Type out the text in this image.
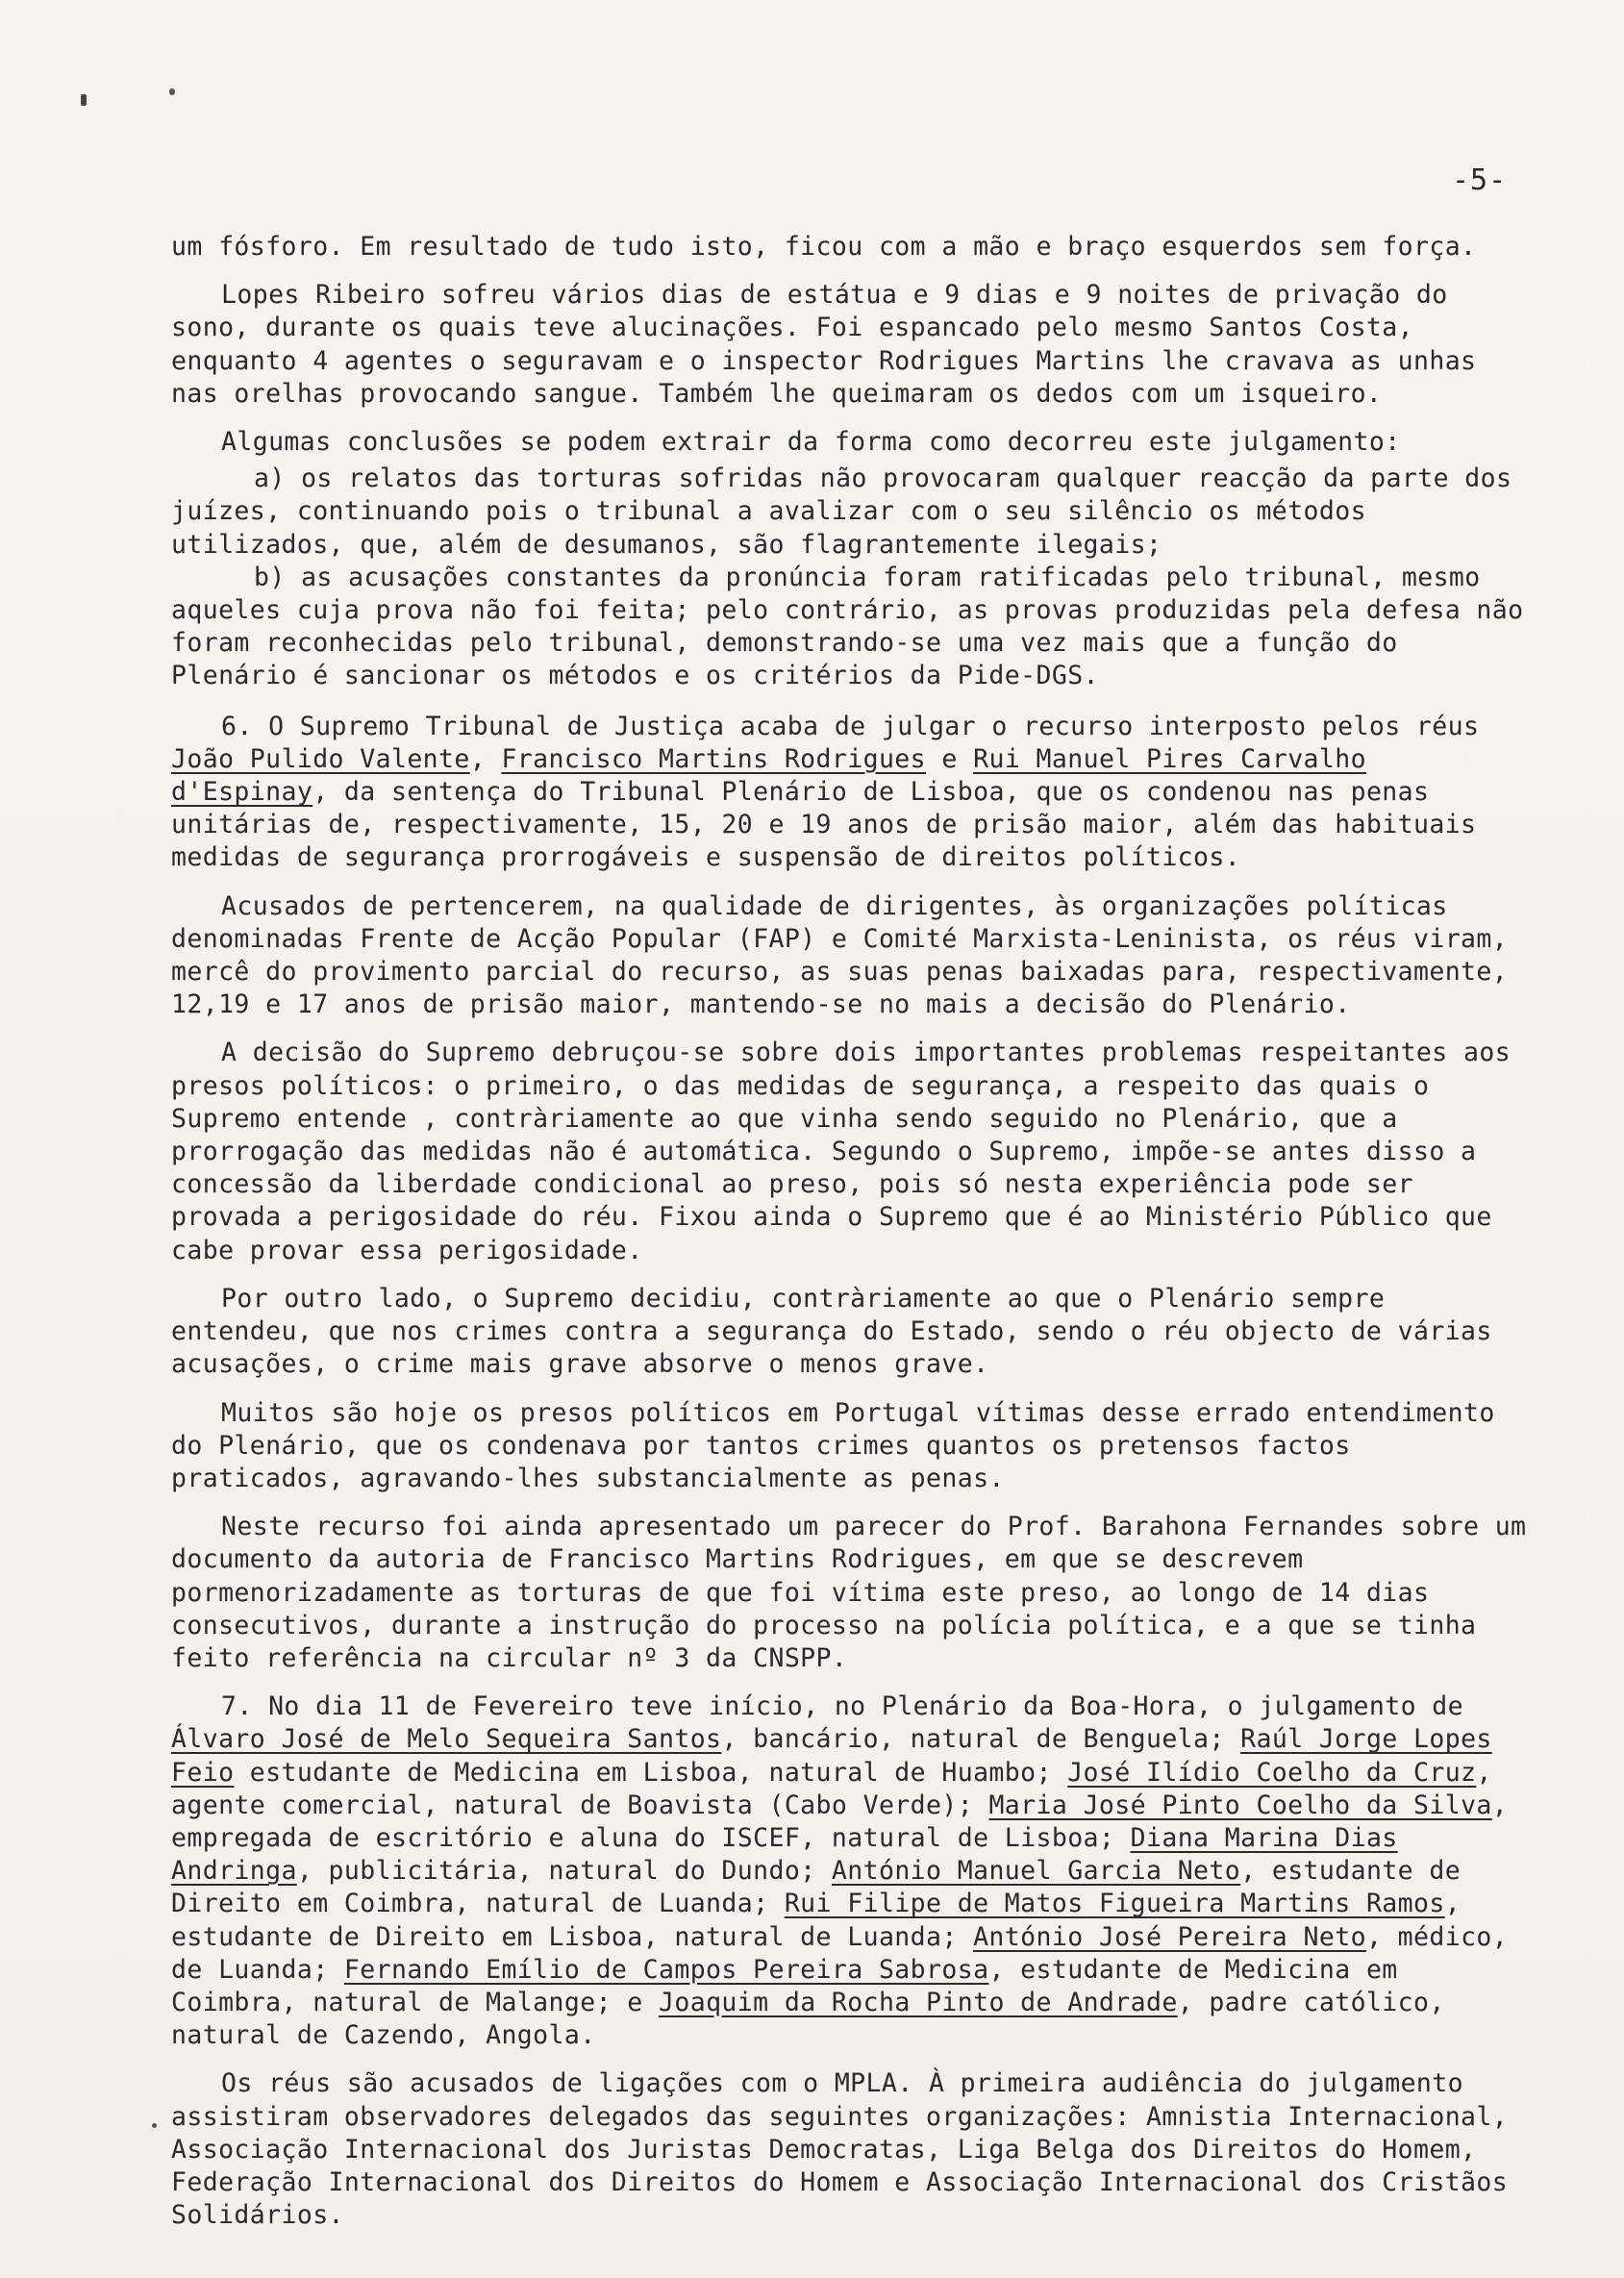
-5-

um fósforo. Em resultado de tudo isto, ficou com a mão e braço esquerdos sem força.

Lopes Ribeiro sofreu vários dias de estátua e 9 dias e 9 noites de privação do sono, durante os quais teve alucinações. Foi espancado pelo mesmo Santos Costa, enquanto 4 agentes o seguravam e o inspector Rodrigues Martins lhe cravava as unhas nas orelhas provocando sangue. Também lhe queimaram os dedos com um isqueiro.

Algumas conclusões se podem extrair da forma como decorreu este julgamento:

a) os relatos das torturas sofridas não provocaram qualquer reacção da parte dos

juízes, continuando pois o tribunal a avalizar com o seu silêncio os métodos utilizados, que, além de desumanos, são flagrantemente ilegais;

b) as acusações constantes da pronúncia foram ratificadas pelo tribunal, mesmo

aqueles cuja prova não foi feita; pelo contrário, as provas produzidas pela defesa não foram reconhecidas pelo tribunal, demonstrando-se uma vez mais que a função do Plenário é sancionar os métodos e os critérios da Pide-DGS.

6. O Supremo Tribunal de Justiça acaba de julgar o recurso interposto pelos réus João Pulido Valente, Francisco Martins Rodrigues e Rui Manuel Pires Carvalho d'Espinay, da sentença do Tribunal Plenário de Lisboa, que os condenou nas penas unitárias de, respectivamente, 15, 20 e 19 anos de prisão maior, além das habituais medidas de segurança prorrogáveis e suspensão de direitos políticos.

Acusados de pertencerem, na qualidade de dirigentes, às organizações políticas denominadas Frente de Acção Popular (FAP) e Comité Marxista-Leninista, os réus viram, mercê do provimento parcial do recurso, as suas penas baixadas para, respectivamente, 12,19 e 17 anos de prisão maior, mantendo-se no mais a decisão do Plenário.

A decisão do Supremo debruçou-se sobre dois importantes problemas respeitantes aos presos políticos: o primeiro, o das medidas de segurança, a respeito das quais o Supremo entende , contràriamente ao que vinha sendo seguido no Plenário, que a prorrogação das medidas não é automática. Segundo o Supremo, impõe-se antes disso a concessão da liberdade condicional ao preso, pois só nesta experiência pode ser provada a perigosidade do réu. Fixou ainda o Supremo que é ao Ministério Público que cabe provar essa perigosidade.

Por outro lado, o Supremo decidiu, contràriamente ao que o Plenário sempre entendeu, que nos crimes contra a segurança do Estado, sendo o réu objecto de várias acusações, o crime mais grave absorve o menos grave.

Muitos são hoje os presos políticos em Portugal vítimas desse errado entendimento do Plenário, que os condenava por tantos crimes quantos os pretensos factos praticados, agravando-lhes substancialmente as penas.

Neste recurso foi ainda apresentado um parecer do Prof. Barahona Fernandes sobre um documento da autoria de Francisco Martins Rodrigues, em que se descrevem pormenorizadamente as torturas de que foi vítima este preso, ao longo de 14 dias consecutivos, durante a instrução do processo na polícia política, e a que se tinha feito referência na circular nº 3 da CNSPP.

7. No dia 11 de Fevereiro teve início, no Plenário da Boa-Hora, o julgamento de Álvaro José de Melo Sequeira Santos, bancário, natural de Benguela; Raúl Jorge Lopes Feio estudante de Medicina em Lisboa, natural de Huambo; José Ilídio Coelho da Cruz, agente comercial, natural de Boavista (Cabo Verde); Maria José Pinto Coelho da Silva, empregada de escritório e aluna do ISCEF, natural de Lisboa; Diana Marina Dias Andringa, publicitária, natural do Dundo; António Manuel Garcia Neto, estudante de Direito em Coimbra, natural de Luanda; Rui Filipe de Matos Figueira Martins Ramos, estudante de Direito em Lisboa, natural de Luanda; António José Pereira Neto, médico, de Luanda; Fernando Emílio de Campos Pereira Sabrosa, estudante de Medicina em Coimbra, natural de Malange; e Joaquim da Rocha Pinto de Andrade, padre católico, natural de Cazendo, Angola.

Os réus são acusados de ligações com o MPLA. À primeira audiência do julgamento assistiram observadores delegados das seguintes organizações: Amnistia Internacional, Associação Internacional dos Juristas Democratas, Liga Belga dos Direitos do Homem, Federação Internacional dos Direitos do Homem e Associação Internacional dos Cristãos Solidários.
